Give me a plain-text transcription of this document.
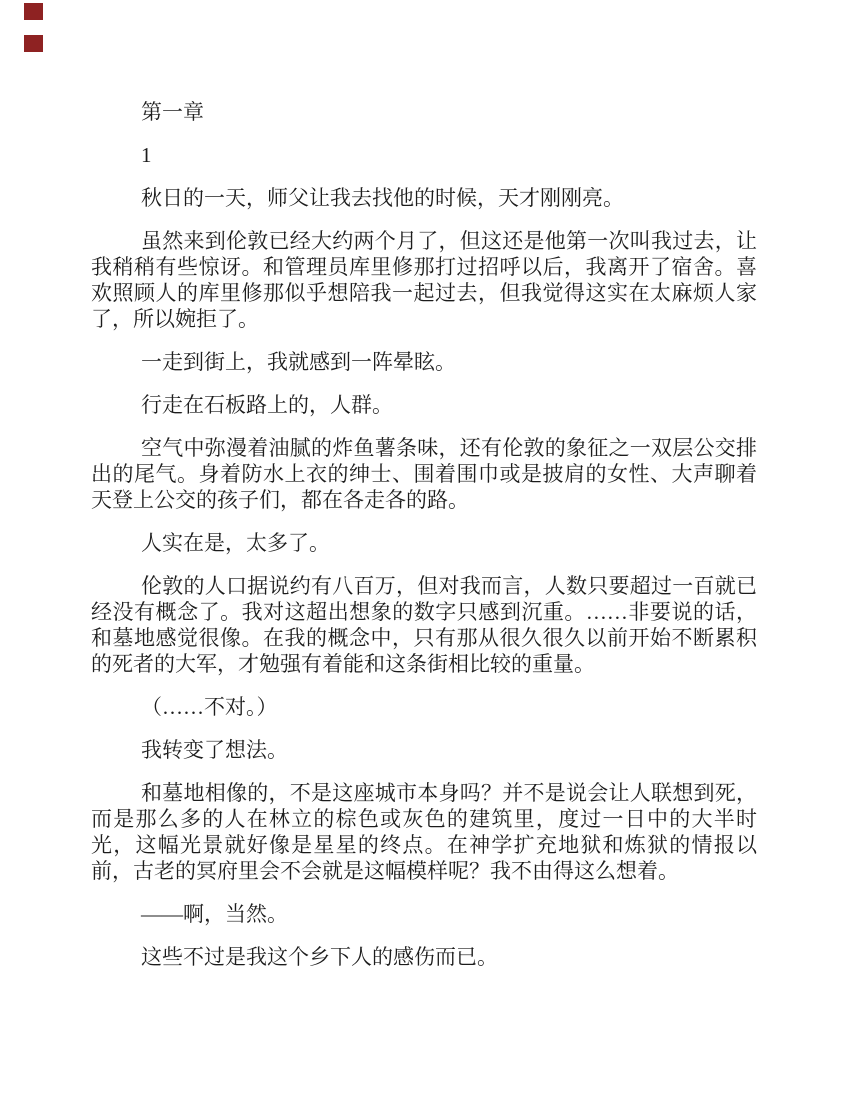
第一章
1

秋日的一天，师父让我去找他的时候，天才刚刚亮。

虽然来到伦敦已经大约两个月了，但这还是他第一次叫我过去，让我稍稍有些惊讶。和管理员库里修那打过招呼以后，我离开了宿舍。喜欢照顾人的库里修那似乎想陪我一起过去，但我觉得这实在太麻烦人家了，所以婉拒了。

一走到街上，我就感到一阵晕眩。

行走在石板路上的，人群。

空气中弥漫着油腻的炸鱼薯条味，还有伦敦的象征之一双层公交排出的尾气。身着防水上衣的绅士、围着围巾或是披肩的女性、大声聊着天登上公交的孩子们，都在各走各的路。

人实在是，太多了。

伦敦的人口据说约有八百万，但对我而言，人数只要超过一百就已经没有概念了。我对这超出想象的数字只感到沉重。……非要说的话，和墓地感觉很像。在我的概念中，只有那从很久很久以前开始不断累积的死者的大军，才勉强有着能和这条街相比较的重量。

（……不对。）

我转变了想法。

和墓地相像的，不是这座城市本身吗？并不是说会让人联想到死，而是那么多的人在林立的棕色或灰色的建筑里，度过一日中的大半时光，这幅光景就好像是星星的终点。在神学扩充地狱和炼狱的情报以前，古老的冥府里会不会就是这幅模样呢？我不由得这么想着。

——啊，当然。

这些不过是我这个乡下人的感伤而已。
